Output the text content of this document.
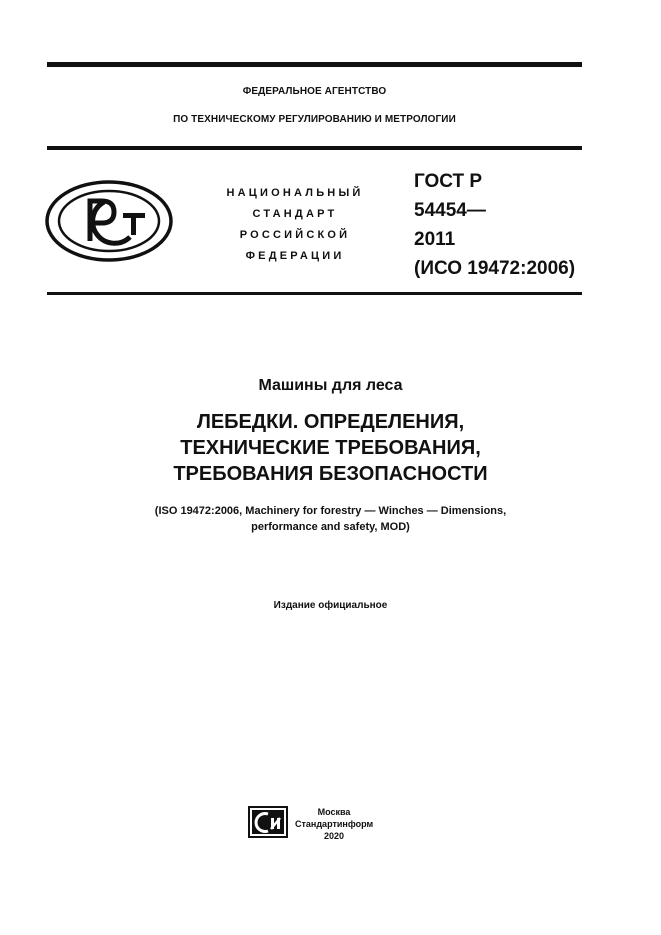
ФЕДЕРАЛЬНОЕ АГЕНТСТВО
ПО ТЕХНИЧЕСКОМУ РЕГУЛИРОВАНИЮ И МЕТРОЛОГИИ
НАЦИОНАЛЬНЫЙ
СТАНДАРТ
РОССИЙСКОЙ
ФЕДЕРАЦИИ
ГОСТ Р
54454—
2011
(ИСО 19472:2006)
Машины для леса
ЛЕБЕДКИ. ОПРЕДЕЛЕНИЯ,
ТЕХНИЧЕСКИЕ ТРЕБОВАНИЯ,
ТРЕБОВАНИЯ БЕЗОПАСНОСТИ
(ISO 19472:2006, Machinery for forestry — Winches — Dimensions,
performance and safety, MOD)
Издание официальное
Москва
Стандартинформ
2020
